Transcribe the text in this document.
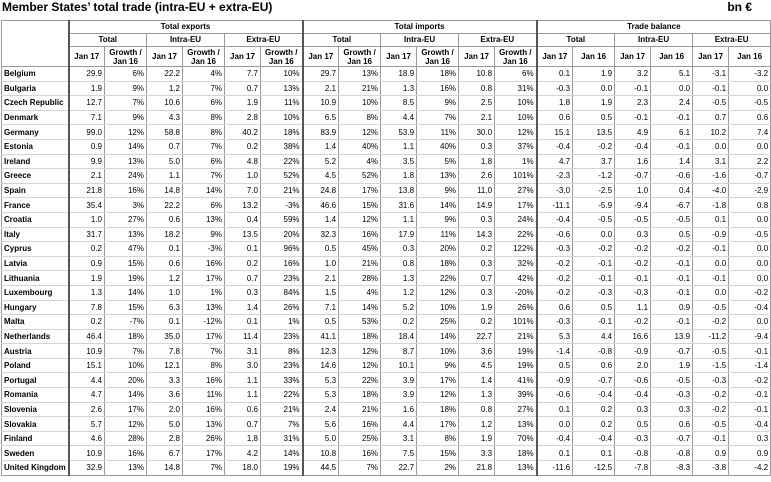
Member States’ total trade (intra-EU + extra-EU)	bn €
	Total exports						Total imports						Trade balance					
	Total		Intra-EU		Extra-EU		Total		Intra-EU		Extra-EU		Total		Intra-EU		Extra-EU	
	Jan 17	Growth / Jan 16	Jan 17	Growth / Jan 16	Jan 17	Growth / Jan 16	Jan 17	Growth / Jan 16	Jan 17	Growth / Jan 16	Jan 17	Growth / Jan 16	Jan 17	Jan 16	Jan 17	Jan 16	Jan 17	Jan 16
Belgium	29.9	6%	22.2	4%	7.7	10%	29.7	13%	18.9	18%	10.8	6%	0.1	1.9	3.2	5.1	-3.1	-3.2
Bulgaria	1.9	9%	1.2	7%	0.7	13%	2.1	21%	1.3	16%	0.8	31%	-0.3	0.0	-0.1	0.0	-0.1	0.0
Czech Republic	12.7	7%	10.6	6%	1.9	11%	10.9	10%	8.5	9%	2.5	10%	1.8	1.9	2.3	2.4	-0.5	-0.5
Denmark	7.1	9%	4.3	8%	2.8	10%	6.5	8%	4.4	7%	2.1	10%	0.6	0.5	-0.1	-0.1	0.7	0.6
Germany	99.0	12%	58.8	8%	40.2	18%	83.9	12%	53.9	11%	30.0	12%	15.1	13.5	4.9	6.1	10.2	7.4
Estonia	0.9	14%	0.7	7%	0.2	38%	1.4	40%	1.1	40%	0.3	37%	-0.4	-0.2	-0.4	-0.1	0.0	0.0
Ireland	9.9	13%	5.0	6%	4.8	22%	5.2	4%	3.5	5%	1.8	1%	4.7	3.7	1.6	1.4	3.1	2.2
Greece	2.1	24%	1.1	7%	1.0	52%	4.5	52%	1.8	13%	2.6	101%	-2.3	-1.2	-0.7	-0.6	-1.6	-0.7
Spain	21.8	16%	14.8	14%	7.0	21%	24.8	17%	13.8	9%	11.0	27%	-3.0	-2.5	1.0	0.4	-4.0	-2.9
France	35.4	3%	22.2	6%	13.2	-3%	46.6	15%	31.6	14%	14.9	17%	-11.1	-5.9	-9.4	-6.7	-1.8	0.8
Croatia	1.0	27%	0.6	13%	0.4	59%	1.4	12%	1.1	9%	0.3	24%	-0.4	-0.5	-0.5	-0.5	0.1	0.0
Italy	31.7	13%	18.2	9%	13.5	20%	32.3	16%	17.9	11%	14.3	22%	-0.6	0.0	0.3	0.5	-0.9	-0.5
Cyprus	0.2	47%	0.1	-3%	0.1	96%	0.5	45%	0.3	20%	0.2	122%	-0.3	-0.2	-0.2	-0.2	-0.1	0.0
Latvia	0.9	15%	0.6	16%	0.2	16%	1.0	21%	0.8	18%	0.3	32%	-0.2	-0.1	-0.2	-0.1	0.0	0.0
Lithuania	1.9	19%	1.2	17%	0.7	23%	2.1	28%	1.3	22%	0.7	42%	-0.2	-0.1	-0.1	-0.1	-0.1	0.0
Luxembourg	1.3	14%	1.0	1%	0.3	84%	1.5	4%	1.2	12%	0.3	-20%	-0.2	-0.3	-0.3	-0.1	0.0	-0.2
Hungary	7.8	15%	6.3	13%	1.4	26%	7.1	14%	5.2	10%	1.9	26%	0.6	0.5	1.1	0.9	-0.5	-0.4
Malta	0.2	-7%	0.1	-12%	0.1	1%	0.5	53%	0.2	25%	0.2	101%	-0.3	-0.1	-0.2	-0.1	-0.2	0.0
Netherlands	46.4	18%	35.0	17%	11.4	23%	41.1	18%	18.4	14%	22.7	21%	5.3	4.4	16.6	13.9	-11.2	-9.4
Austria	10.9	7%	7.8	7%	3.1	8%	12.3	12%	8.7	10%	3.6	19%	-1.4	-0.8	-0.9	-0.7	-0.5	-0.1
Poland	15.1	10%	12.1	8%	3.0	23%	14.6	12%	10.1	9%	4.5	19%	0.5	0.6	2.0	1.9	-1.5	-1.4
Portugal	4.4	20%	3.3	16%	1.1	33%	5.3	22%	3.9	17%	1.4	41%	-0.9	-0.7	-0.6	-0.5	-0.3	-0.2
Romania	4.7	14%	3.6	11%	1.1	22%	5.3	18%	3.9	12%	1.3	39%	-0.6	-0.4	-0.4	-0.3	-0.2	-0.1
Slovenia	2.6	17%	2.0	16%	0.6	21%	2.4	21%	1.6	18%	0.8	27%	0.1	0.2	0.3	0.3	-0.2	-0.1
Slovakia	5.7	12%	5.0	13%	0.7	7%	5.6	16%	4.4	17%	1.2	13%	0.0	0.2	0.5	0.6	-0.5	-0.4
Finland	4.6	28%	2.8	26%	1.8	31%	5.0	25%	3.1	8%	1.9	70%	-0.4	-0.4	-0.3	-0.7	-0.1	0.3
Sweden	10.9	16%	6.7	17%	4.2	14%	10.8	16%	7.5	15%	3.3	18%	0.1	0.1	-0.8	-0.8	0.9	0.9
United Kingdom	32.9	13%	14.8	7%	18.0	19%	44.5	7%	22.7	2%	21.8	13%	-11.6	-12.5	-7.8	-8.3	-3.8	-4.2
